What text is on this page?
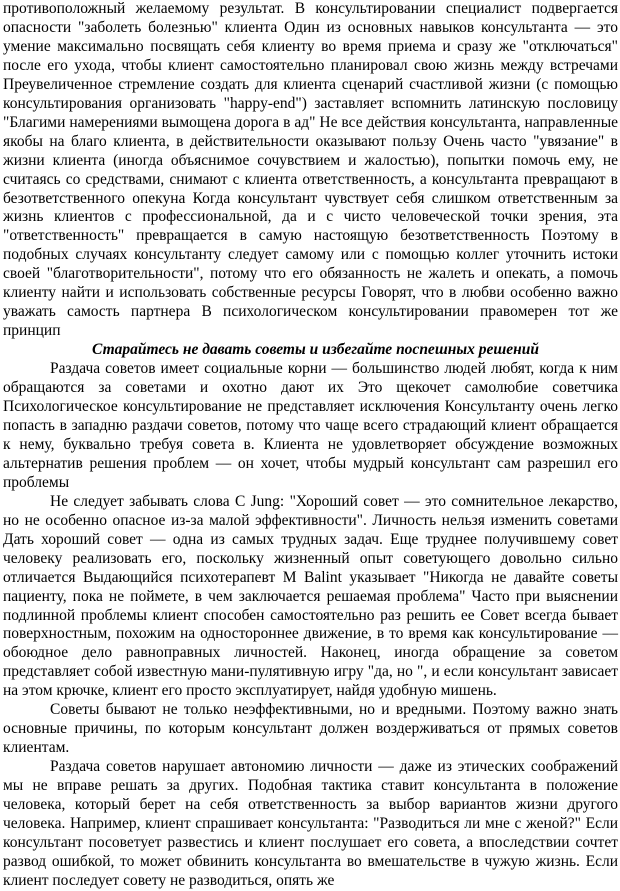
противоположный желаемому результат. В консультировании специалист подвергается опасности "заболеть болезнью" клиента Один из основных навыков консультанта — это умение максимально посвящать себя клиенту во время приема и сразу же "отключаться" после его ухода, чтобы клиент самостоятельно планировал свою жизнь между встречами Преувеличенное стремление создать для клиента сценарий счастливой жизни (с помощью консультирования организовать "happy-end") заставляет вспомнить латинскую пословицу "Благими намерениями вымощена дорога в ад" Не все действия консультанта, направленные якобы на благо клиента, в действительности оказывают пользу Очень часто "увязание" в жизни клиента (иногда объяснимое сочувствием и жалостью), попытки помочь ему, не считаясь со средствами, снимают с клиента ответственность, а консультанта превращают в безответственного опекуна Когда консультант чувствует себя слишком ответственным за жизнь клиентов с профессиональной, да и с чисто человеческой точки зрения, эта "ответственность" превращается в самую настоящую безответственность Поэтому в подобных случаях консультанту следует самому или с помощью коллег уточнить истоки своей "благотворительности", потому что его обязанность не жалеть и опекать, а помочь клиенту найти и использовать собственные ресурсы Говорят, что в любви особенно важно уважать самость партнера В психологическом консультировании правомерен тот же принцип

Старайтесь не давать советы и избегайте поспешных решений

Раздача советов имеет социальные корни — большинство людей любят, когда к ним обращаются за советами и охотно дают их Это щекочет самолюбие советчика Психологическое консультирование не представляет исключения Консультанту очень легко попасть в западню раздачи советов, потому что чаще всего страдающий клиент обращается к нему, буквально требуя совета в. Клиента не удовлетворяет обсуждение возможных альтернатив решения проблем — он хочет, чтобы мудрый консультант сам разрешил его проблемы

Не следует забывать слова C Jung: "Хороший совет — это сомнительное лекарство, но не особенно опасное из-за малой эффективности". Личность нельзя изменить советами Дать хороший совет — одна из самых трудных задач. Еще труднее получившему совет человеку реализовать его, поскольку жизненный опыт советующего довольно сильно отличается Выдающийся психотерапевт M Balint указывает "Никогда не давайте советы пациенту, пока не поймете, в чем заключается решаемая проблема" Часто при выяснении подлинной проблемы клиент способен самостоятельно раз решить ее Совет всегда бывает поверхностным, похожим на одностороннее движение, в то время как консультирование — обоюдное дело равноправных личностей. Наконец, иногда обращение за советом представляет собой известную мани-пулятивную игру "да, но ", и если консультант зависает на этом крючке, клиент его просто эксплуатирует, найдя удобную мишень.

Советы бывают не только неэффективными, но и вредными. Поэтому важно знать основные причины, по которым консультант должен воздерживаться от прямых советов клиентам.

Раздача советов нарушает автономию личности — даже из этических соображений мы не вправе решать за других. Подобная тактика ставит консультанта в положение человека, который берет на себя ответственность за выбор вариантов жизни другого человека. Например, клиент спрашивает консультанта: "Разводиться ли мне с женой?" Если консультант посоветует развестись и клиент послушает его совета, а впоследствии сочтет развод ошибкой, то может обвинить консультанта во вмешательстве в чужую жизнь. Если клиент последует совету не разводиться, опять же
